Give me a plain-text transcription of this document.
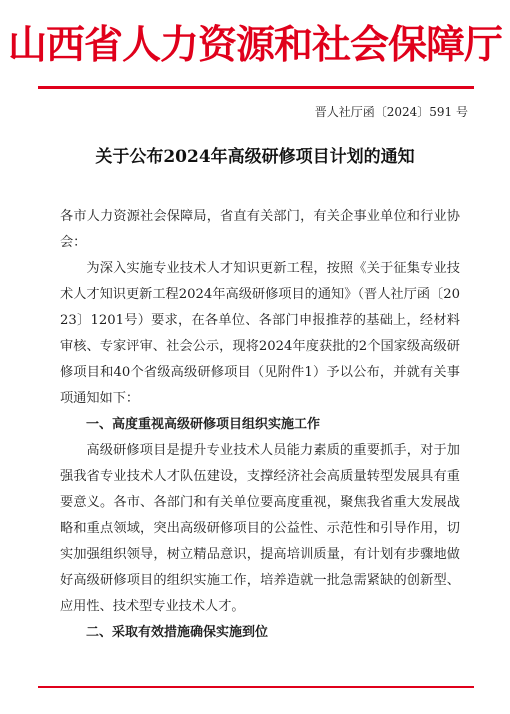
山西省人力资源和社会保障厅
晋人社厅函〔2024〕591 号
关于公布2024年高级研修项目计划的通知

各市人力资源社会保障局，省直有关部门，有关企事业单位和行业协会：

为深入实施专业技术人才知识更新工程，按照《关于征集专业技术人才知识更新工程2024年高级研修项目的通知》（晋人社厅函〔2023〕1201号）要求，在各单位、各部门申报推荐的基础上，经材料审核、专家评审、社会公示，现将2024年度获批的2个国家级高级研修项目和40个省级高级研修项目（见附件1）予以公布，并就有关事项通知如下：

一、高度重视高级研修项目组织实施工作

高级研修项目是提升专业技术人员能力素质的重要抓手，对于加强我省专业技术人才队伍建设，支撑经济社会高质量转型发展具有重要意义。各市、各部门和有关单位要高度重视，聚焦我省重大发展战略和重点领域，突出高级研修项目的公益性、示范性和引导作用，切实加强组织领导，树立精品意识，提高培训质量，有计划有步骤地做好高级研修项目的组织实施工作，培养造就一批急需紧缺的创新型、应用性、技术型专业技术人才。

二、采取有效措施确保实施到位
